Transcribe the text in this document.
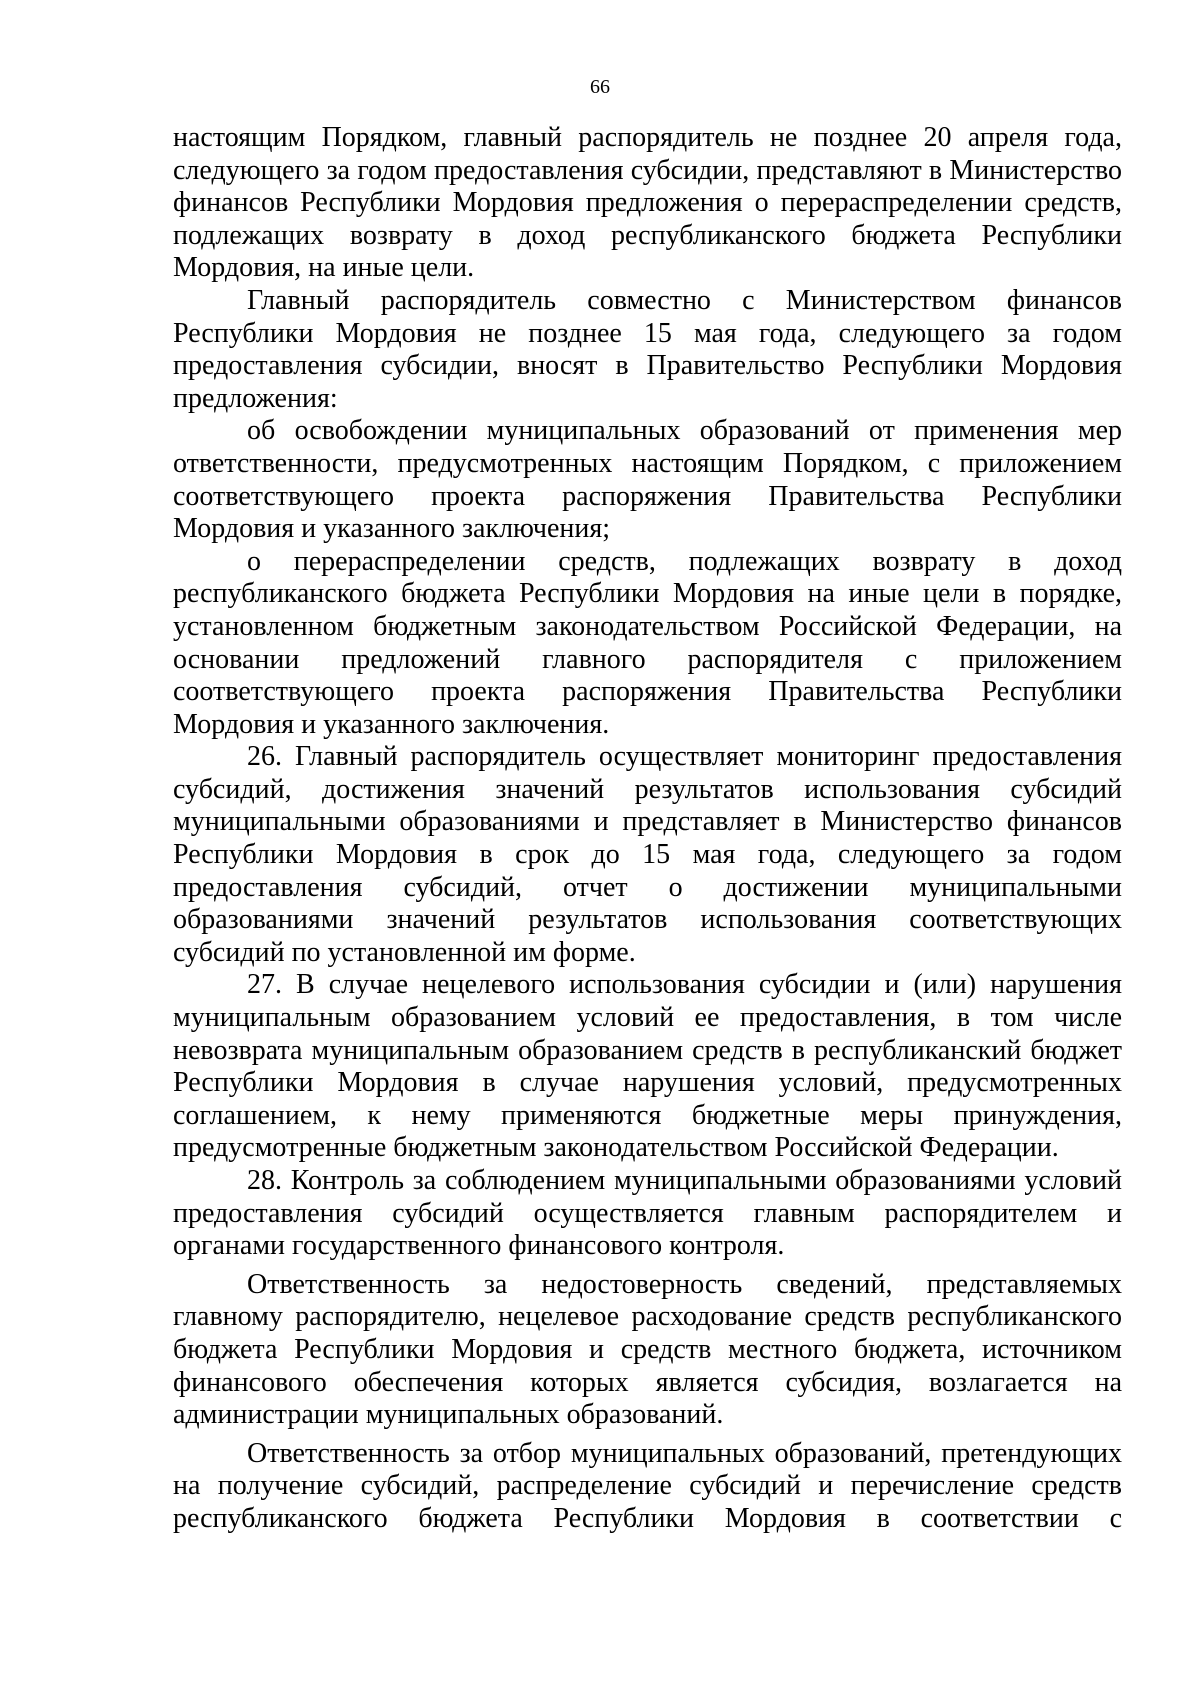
66

настоящим Порядком, главный распорядитель не позднее 20 апреля года, следующего за годом предоставления субсидии, представляют в Министерство финансов Республики Мордовия предложения о перераспределении средств, подлежащих возврату в доход республиканского бюджета Республики Мордовия, на иные цели.

Главный распорядитель совместно с Министерством финансов Республики Мордовия не позднее 15 мая года, следующего за годом предоставления субсидии, вносят в Правительство Республики Мордовия предложения:

об освобождении муниципальных образований от применения мер ответственности, предусмотренных настоящим Порядком, с приложением соответствующего проекта распоряжения Правительства Республики Мордовия и указанного заключения;

о перераспределении средств, подлежащих возврату в доход республиканского бюджета Республики Мордовия на иные цели в порядке, установленном бюджетным законодательством Российской Федерации, на основании предложений главного распорядителя с приложением соответствующего проекта распоряжения Правительства Республики Мордовия и указанного заключения.

26. Главный распорядитель осуществляет мониторинг предоставления субсидий, достижения значений результатов использования субсидий муниципальными образованиями и представляет в Министерство финансов Республики Мордовия в срок до 15 мая года, следующего за годом предоставления субсидий, отчет о достижении муниципальными образованиями значений результатов использования соответствующих субсидий по установленной им форме.

27. В случае нецелевого использования субсидии и (или) нарушения муниципальным образованием условий ее предоставления, в том числе невозврата муниципальным образованием средств в республиканский бюджет Республики Мордовия в случае нарушения условий, предусмотренных соглашением, к нему применяются бюджетные меры принуждения, предусмотренные бюджетным законодательством Российской Федерации.

28. Контроль за соблюдением муниципальными образованиями условий предоставления субсидий осуществляется главным распорядителем и органами государственного финансового контроля.

Ответственность за недостоверность сведений, представляемых главному распорядителю, нецелевое расходование средств республиканского бюджета Республики Мордовия и средств местного бюджета, источником финансового обеспечения которых является субсидия, возлагается на администрации муниципальных образований.

Ответственность за отбор муниципальных образований, претендующих на получение субсидий, распределение субсидий и перечисление средств республиканского бюджета Республики Мордовия в соответствии с
